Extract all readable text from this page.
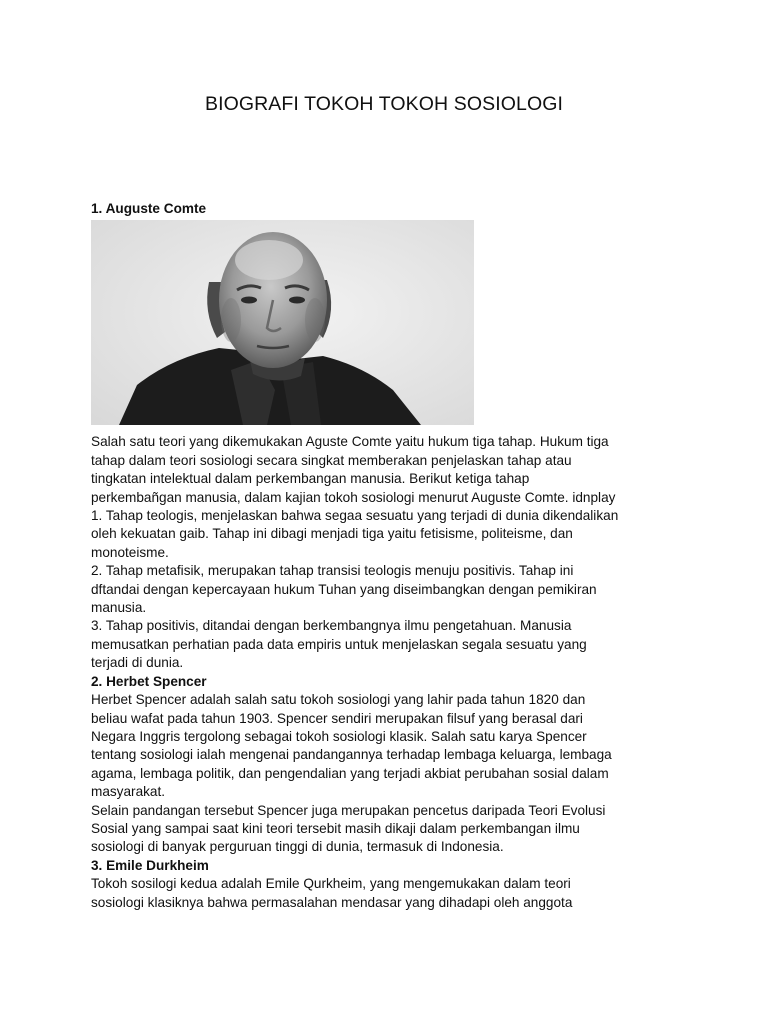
BIOGRAFI TOKOH TOKOH SOSIOLOGI
1. Auguste Comte

Salah satu teori yang dikemukakan Aguste Comte yaitu hukum tiga tahap. Hukum tiga
tahap dalam teori sosiologi secara singkat memberakan penjelaskan tahap atau
tingkatan intelektual dalam perkembangan manusia. Berikut ketiga tahap
perkembañgan manusia, dalam kajian tokoh sosiologi menurut Auguste Comte. idnplay

1. Tahap teologis, menjelaskan bahwa segaa sesuatu yang terjadi di dunia dikendalikan
oleh kekuatan gaib. Tahap ini dibagi menjadi tiga yaitu fetisisme, politeisme, dan
monoteisme.

2. Tahap metafisik, merupakan tahap transisi teologis menuju positivis. Tahap ini
dftandai dengan kepercayaan hukum Tuhan yang diseimbangkan dengan pemikiran
manusia.

3. Tahap positivis, ditandai dengan berkembangnya ilmu pengetahuan. Manusia
memusatkan perhatian pada data empiris untuk menjelaskan segala sesuatu yang
terjadi di dunia.

2. Herbet Spencer

Herbet Spencer adalah salah satu tokoh sosiologi yang lahir pada tahun 1820 dan
beliau wafat pada tahun 1903. Spencer sendiri merupakan filsuf yang berasal dari
Negara Inggris tergolong sebagai tokoh sosiologi klasik. Salah satu karya Spencer
tentang sosiologi ialah mengenai pandangannya terhadap lembaga keluarga, lembaga
agama, lembaga politik, dan pengendalian yang terjadi akbiat perubahan sosial dalam
masyarakat.

Selain pandangan tersebut Spencer juga merupakan pencetus daripada Teori Evolusi
Sosial yang sampai saat kini teori tersebit masih dikaji dalam perkembangan ilmu
sosiologi di banyak perguruan tinggi di dunia, termasuk di Indonesia.

3. Emile Durkheim

Tokoh sosilogi kedua adalah Emile Qurkheim, yang mengemukakan dalam teori
sosiologi klasiknya bahwa permasalahan mendasar yang dihadapi oleh anggota
